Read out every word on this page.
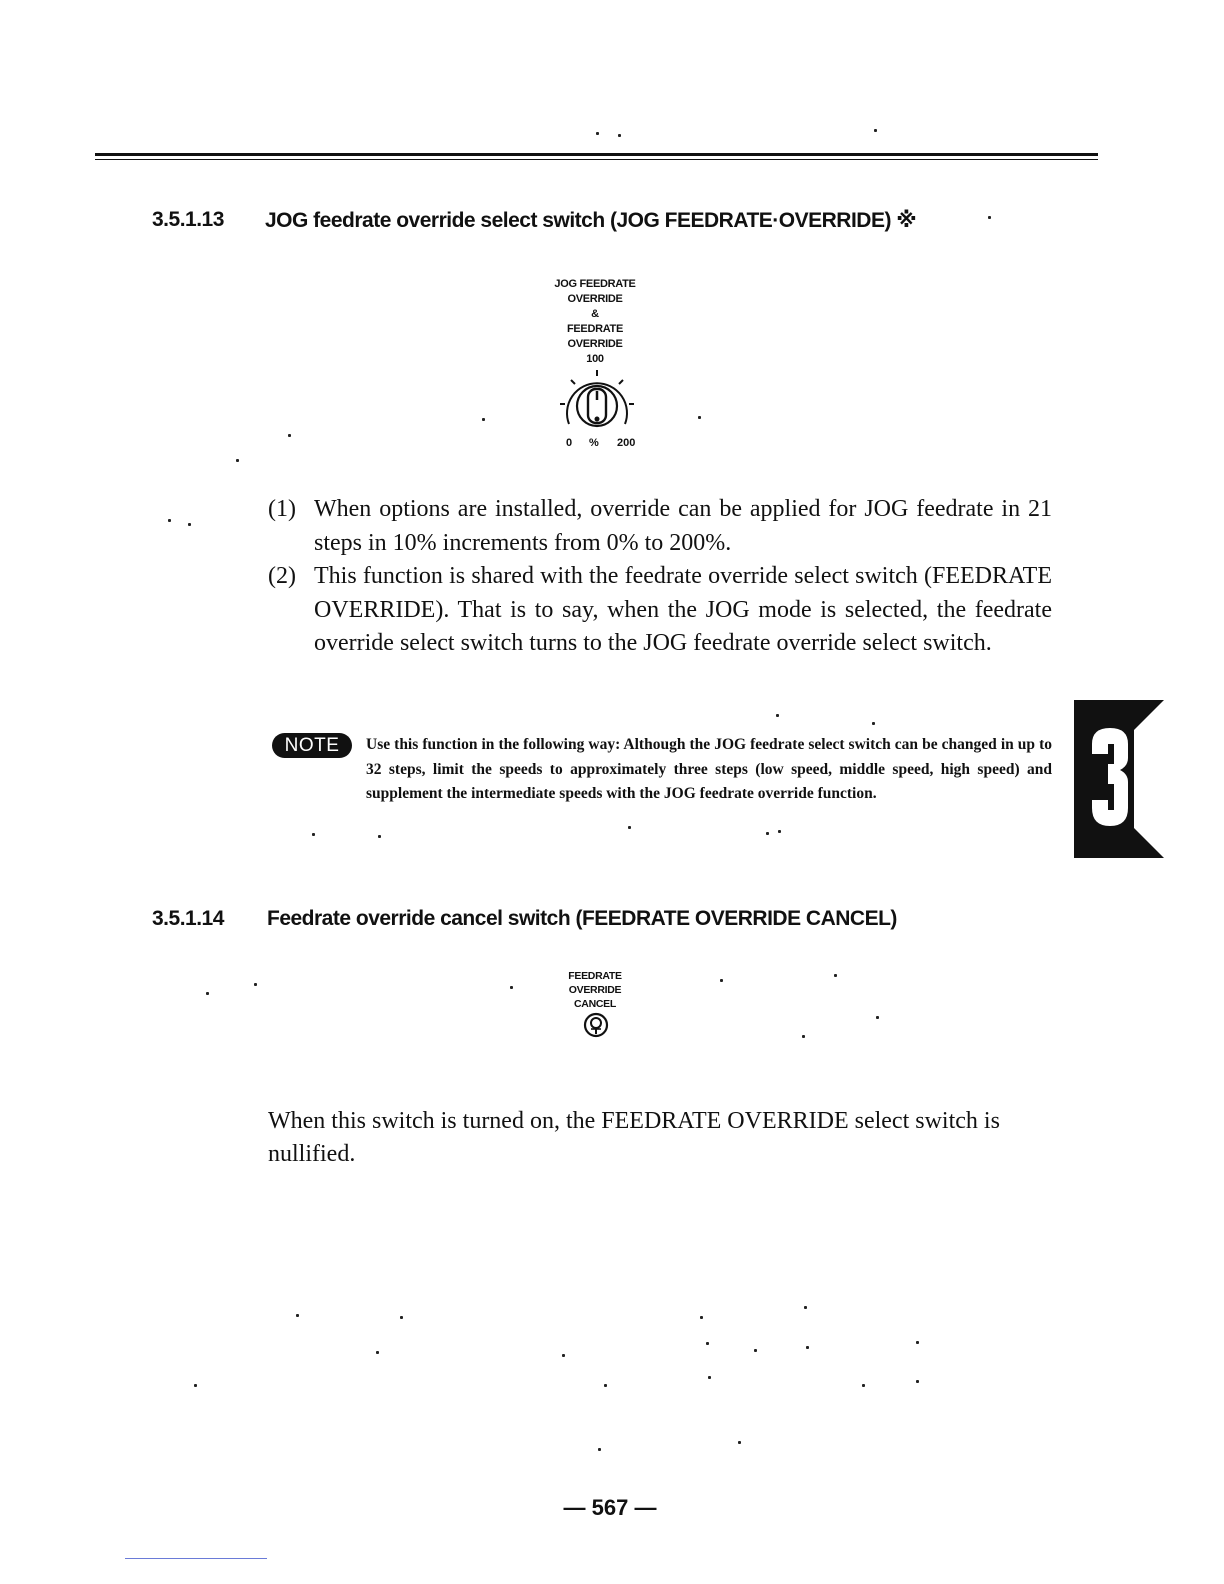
3.5.1.13 JOG feedrate override select switch (JOG FEEDRATE·OVERRIDE) ※
JOG FEEDRATE
OVERRIDE
&
FEEDRATE
OVERRIDE
100
0 % 200
(1) When options are installed, override can be applied for JOG feedrate in 21 steps in 10% increments from 0% to 200%.
(2) This function is shared with the feedrate override select switch (FEEDRATE OVERRIDE). That is to say, when the JOG mode is selected, the feedrate override select switch turns to the JOG feedrate override select switch.
NOTE	Use this function in the following way: Although the JOG feedrate select switch can be changed in up to 32 steps, limit the speeds to approximately three steps (low speed, middle speed, high speed) and supplement the intermediate speeds with the JOG feedrate override function.
3.5.1.14 Feedrate override cancel switch (FEEDRATE OVERRIDE CANCEL)
FEEDRATE
OVERRIDE
CANCEL
When this switch is turned on, the FEEDRATE OVERRIDE select switch is nullified.
— 567 —
